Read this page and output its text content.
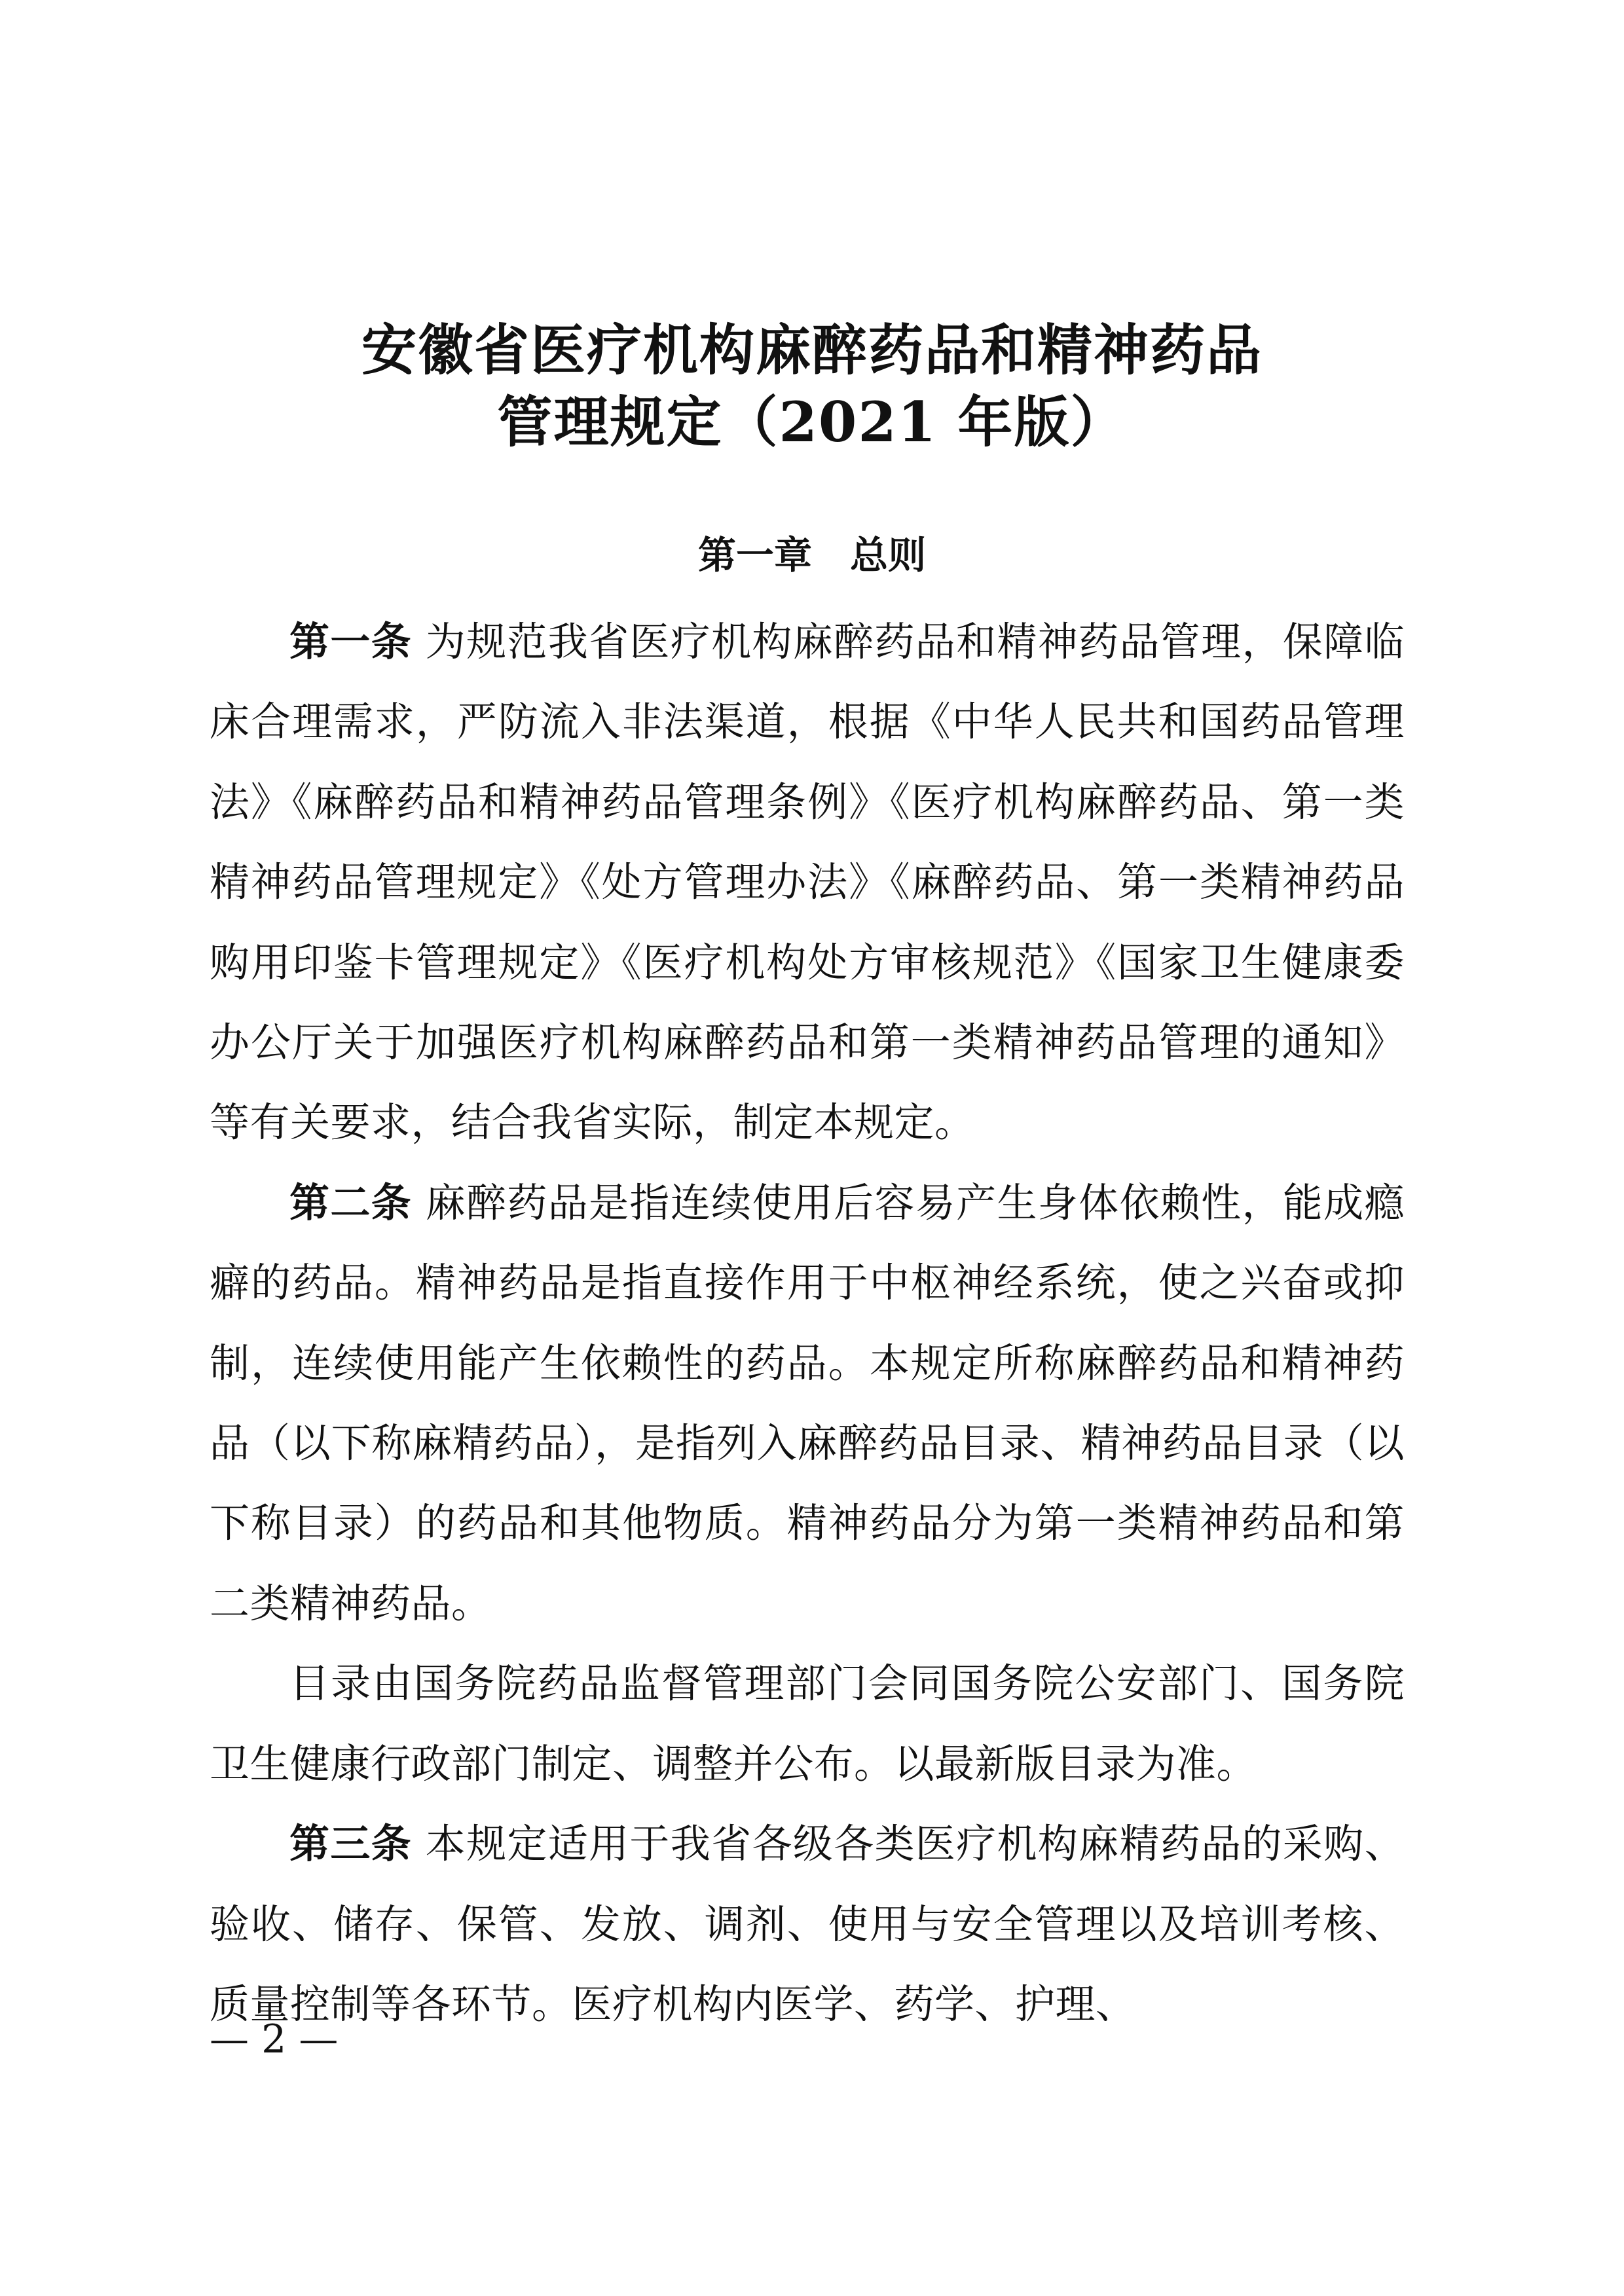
安徽省医疗机构麻醉药品和精神药品
管理规定（2021 年版）
第一章　总则

第一条 为规范我省医疗机构麻醉药品和精神药品管理，保障临床合理需求，严防流入非法渠道，根据《中华人民共和国药品管理法》《麻醉药品和精神药品管理条例》《医疗机构麻醉药品、第一类精神药品管理规定》《处方管理办法》《麻醉药品、第一类精神药品购用印鉴卡管理规定》《医疗机构处方审核规范》《国家卫生健康委办公厅关于加强医疗机构麻醉药品和第一类精神药品管理的通知》等有关要求，结合我省实际，制定本规定。

第二条 麻醉药品是指连续使用后容易产生身体依赖性，能成瘾癖的药品。精神药品是指直接作用于中枢神经系统，使之兴奋或抑制，连续使用能产生依赖性的药品。本规定所称麻醉药品和精神药品（以下称麻精药品），是指列入麻醉药品目录、精神药品目录（以下称目录）的药品和其他物质。精神药品分为第一类精神药品和第二类精神药品。

目录由国务院药品监督管理部门会同国务院公安部门、国务院卫生健康行政部门制定、调整并公布。以最新版目录为准。

第三条 本规定适用于我省各级各类医疗机构麻精药品的采购、验收、储存、保管、发放、调剂、使用与安全管理以及培训考核、质量控制等各环节。医疗机构内医学、药学、护理、

— 2 —
